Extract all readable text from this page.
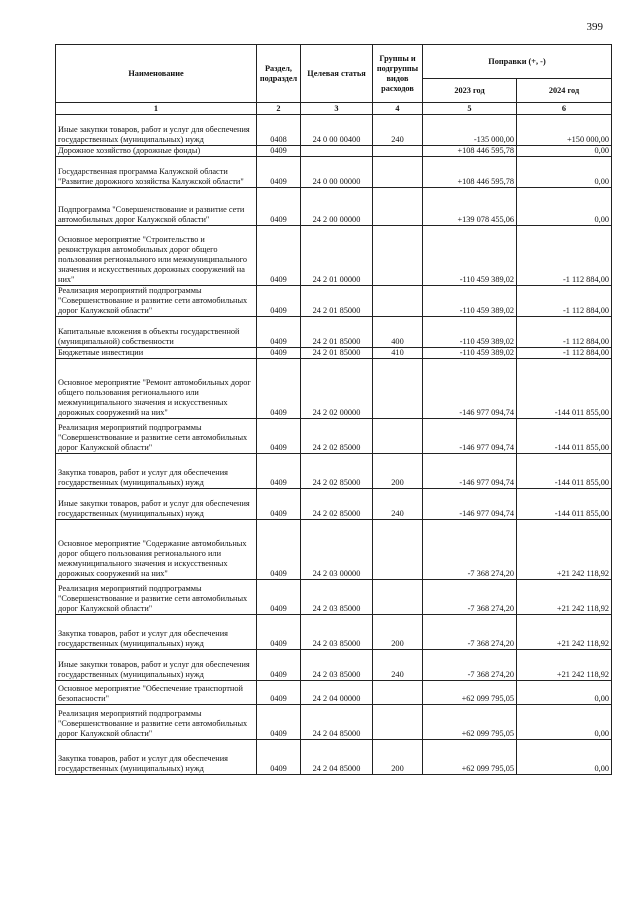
399
Наименование	Раздел, подраздел	Целевая статья	Группы и подгруппы видов расходов	Поправки (+, -)	
				2023 год	2024 год
1	2	3	4	5	6
Иные закупки товаров, работ и услуг для обеспечения государственных (муниципальных) нужд	0408	24 0 00 00400	240	-135 000,00	+150 000,00
Дорожное хозяйство (дорожные фонды)	0409			+108 446 595,78	0,00
Государственная программа Калужской области "Развитие дорожного хозяйства Калужской области"	0409	24 0 00 00000		+108 446 595,78	0,00
Подпрограмма "Совершенствование и развитие сети автомобильных дорог Калужской области"	0409	24 2 00 00000		+139 078 455,06	0,00
Основное мероприятие "Строительство и реконструкция автомобильных дорог общего пользования регионального или межмуниципального значения и искусственных дорожных сооружений на них"	0409	24 2 01 00000		-110 459 389,02	-1 112 884,00
Реализация мероприятий подпрограммы "Совершенствование и развитие сети автомобильных дорог Калужской области"	0409	24 2 01 85000		-110 459 389,02	-1 112 884,00
Капитальные вложения в объекты государственной (муниципальной) собственности	0409	24 2 01 85000	400	-110 459 389,02	-1 112 884,00
Бюджетные инвестиции	0409	24 2 01 85000	410	-110 459 389,02	-1 112 884,00
Основное мероприятие "Ремонт автомобильных дорог общего пользования регионального или межмуниципального значения и искусственных дорожных сооружений на них"	0409	24 2 02 00000		-146 977 094,74	-144 011 855,00
Реализация мероприятий подпрограммы "Совершенствование и развитие сети автомобильных дорог Калужской области"	0409	24 2 02 85000		-146 977 094,74	-144 011 855,00
Закупка товаров, работ и услуг для обеспечения государственных (муниципальных) нужд	0409	24 2 02 85000	200	-146 977 094,74	-144 011 855,00
Иные закупки товаров, работ и услуг для обеспечения государственных (муниципальных) нужд	0409	24 2 02 85000	240	-146 977 094,74	-144 011 855,00
Основное мероприятие "Содержание автомобильных дорог общего пользования регионального или межмуниципального значения и искусственных дорожных сооружений на них"	0409	24 2 03 00000		-7 368 274,20	+21 242 118,92
Реализация мероприятий подпрограммы "Совершенствование и развитие сети автомобильных дорог Калужской области"	0409	24 2 03 85000		-7 368 274,20	+21 242 118,92
Закупка товаров, работ и услуг для обеспечения государственных (муниципальных) нужд	0409	24 2 03 85000	200	-7 368 274,20	+21 242 118,92
Иные закупки товаров, работ и услуг для обеспечения государственных (муниципальных) нужд	0409	24 2 03 85000	240	-7 368 274,20	+21 242 118,92
Основное мероприятие "Обеспечение транспортной безопасности"	0409	24 2 04 00000		+62 099 795,05	0,00
Реализация мероприятий подпрограммы "Совершенствование и развитие сети автомобильных дорог Калужской области"	0409	24 2 04 85000		+62 099 795,05	0,00
Закупка товаров, работ и услуг для обеспечения государственных (муниципальных) нужд	0409	24 2 04 85000	200	+62 099 795,05	0,00
